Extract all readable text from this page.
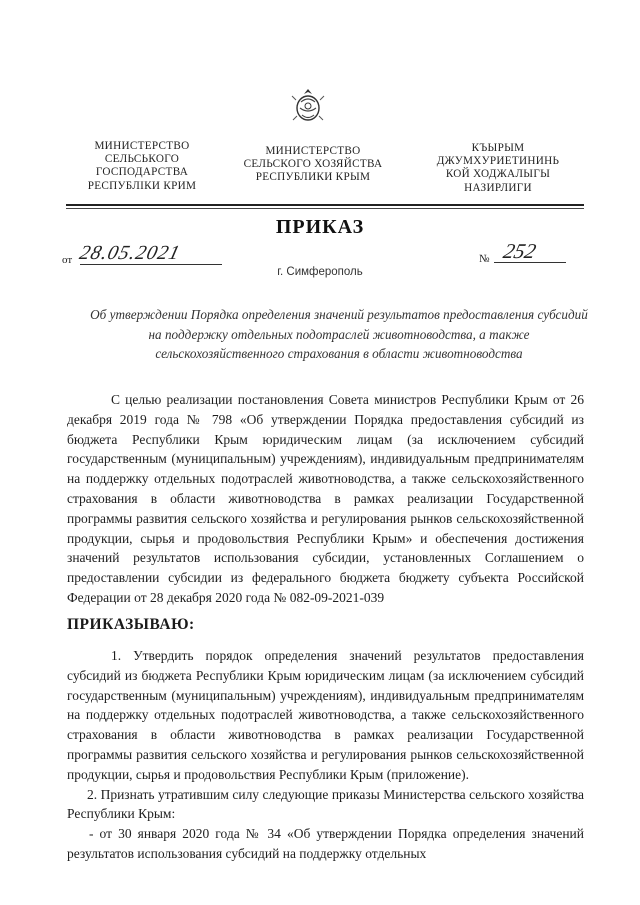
МИНИСТЕРСТВО
СЕЛЬСЬКОГО
ГОСПОДАРСТВА
РЕСПУБЛІКИ КРИМ
МИНИСТЕРСТВО
СЕЛЬСКОГО ХОЗЯЙСТВА
РЕСПУБЛИКИ КРЫМ
КЪЫРЫМ
ДЖУМХУРИЕТИНИНЬ
КОЙ ХОДЖАЛЫГЫ
НАЗИРЛИГИ
ПРИКАЗ
от 28.05.2021	№ 252
г. Симферополь
Об утверждении Порядка определения значений результатов предоставления субсидий на поддержку отдельных подотраслей животноводства, а также сельскохозяйственного страхования в области животноводства

С целью реализации постановления Совета министров Республики Крым от 26 декабря 2019 года № 798 «Об утверждении Порядка предоставления субсидий из бюджета Республики Крым юридическим лицам (за исключением субсидий государственным (муниципальным) учреждениям), индивидуальным предпринимателям на поддержку отдельных подотраслей животноводства, а также сельскохозяйственного страхования в области животноводства в рамках реализации Государственной программы развития сельского хозяйства и регулирования рынков сельскохозяйственной продукции, сырья и продовольствия Республики Крым» и обеспечения достижения значений результатов использования субсидии, установленных Соглашением о предоставлении субсидии из федерального бюджета бюджету субъекта Российской Федерации от 28 декабря 2020 года № 082-09-2021-039

ПРИКАЗЫВАЮ:

1. Утвердить порядок определения значений результатов предоставления субсидий из бюджета Республики Крым юридическим лицам (за исключением субсидий государственным (муниципальным) учреждениям), индивидуальным предпринимателям на поддержку отдельных подотраслей животноводства, а также сельскохозяйственного страхования в области животноводства в рамках реализации Государственной программы развития сельского хозяйства и регулирования рынков сельскохозяйственной продукции, сырья и продовольствия Республики Крым (приложение).

2. Признать утратившим силу следующие приказы Министерства сельского хозяйства Республики Крым:

- от 30 января 2020 года № 34 «Об утверждении Порядка определения значений результатов использования субсидий на поддержку отдельных
